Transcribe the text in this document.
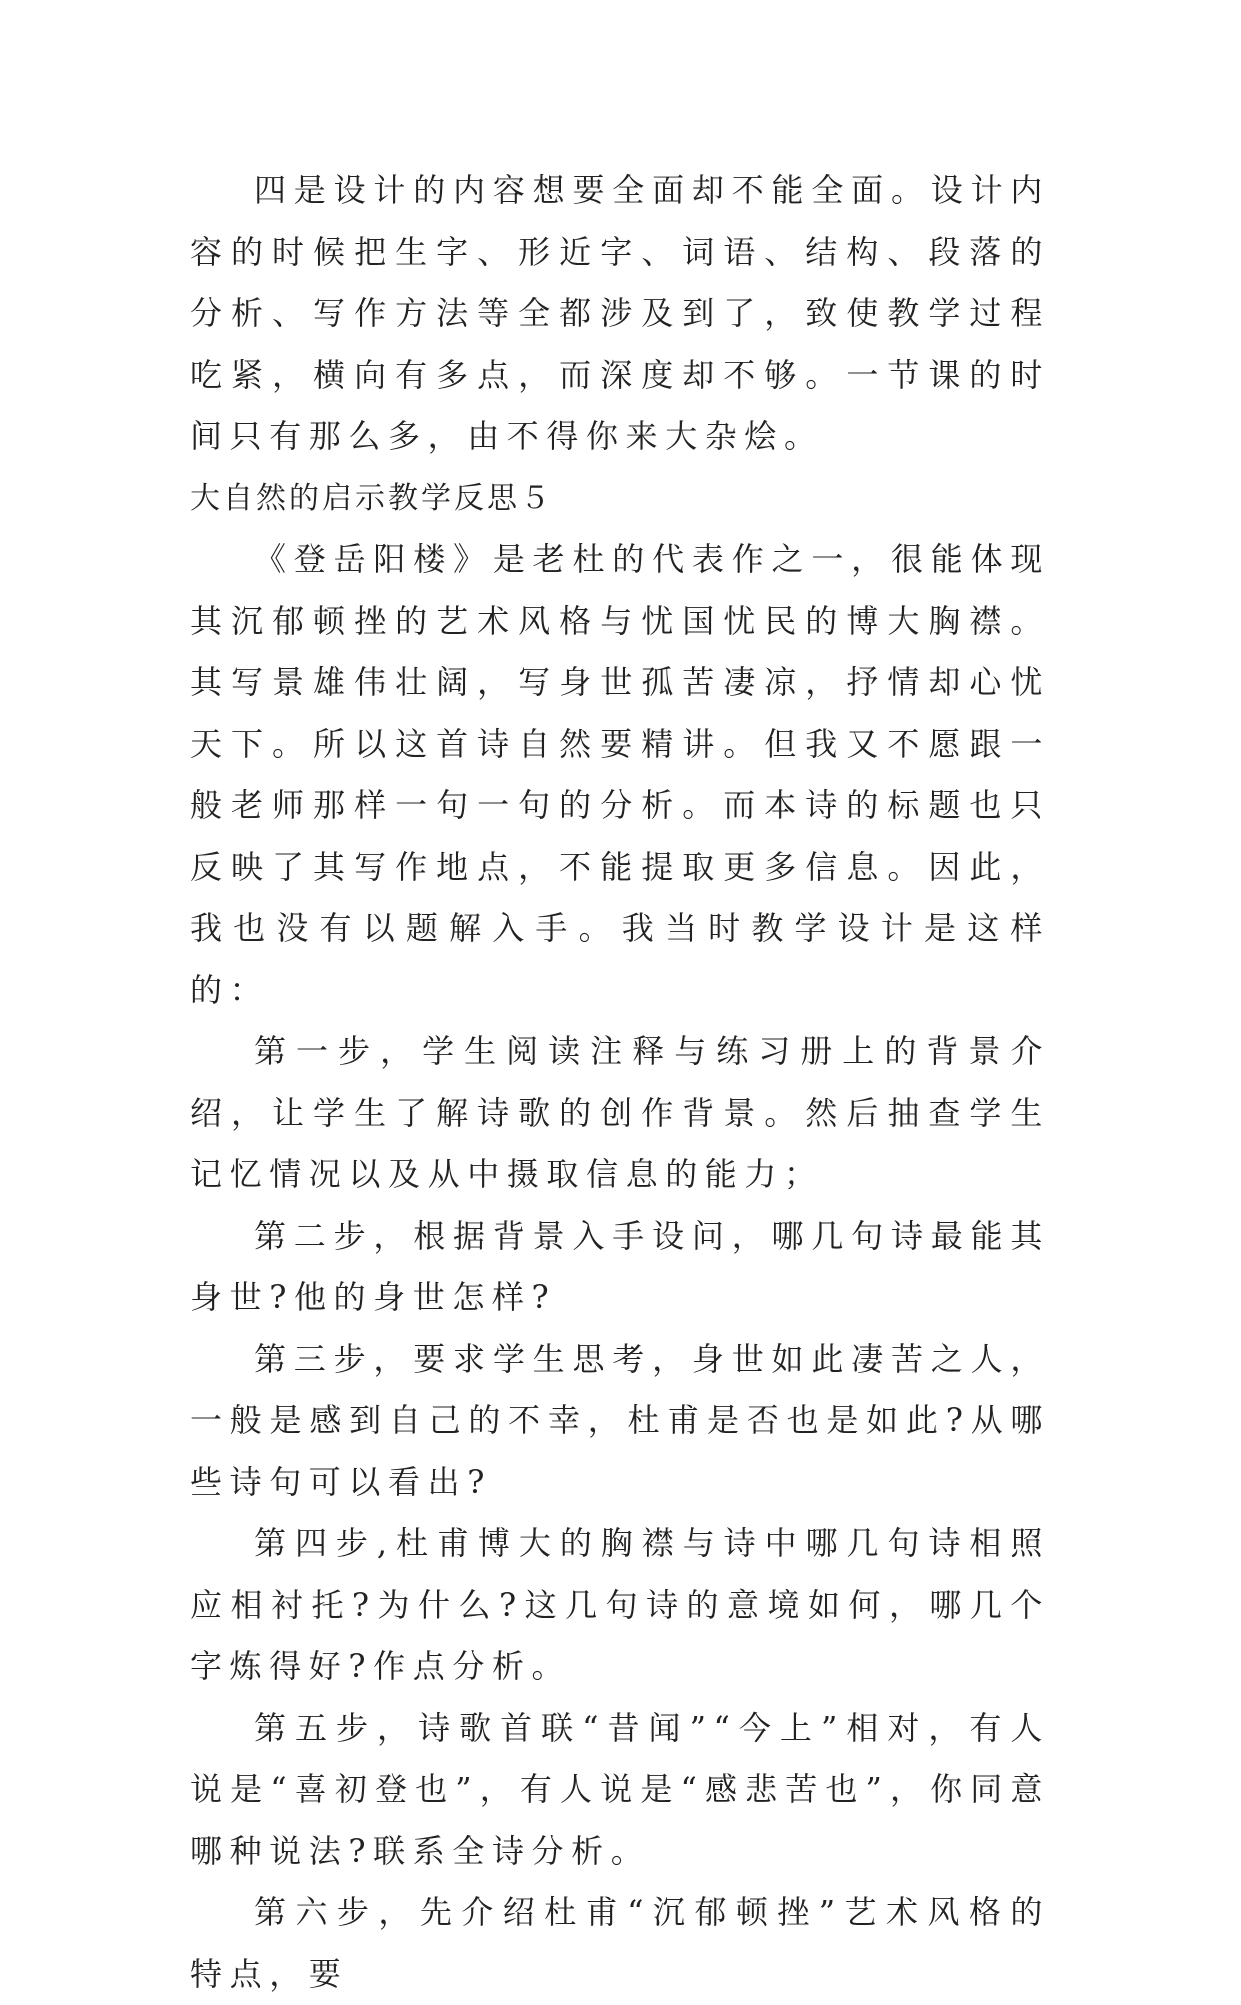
四是设计的内容想要全面却不能全面。设计内容的时候把生字、形近字、词语、结构、段落的分析、写作方法等全都涉及到了，致使教学过程吃紧，横向有多点，而深度却不够。一节课的时间只有那么多，由不得你来大杂烩。

大自然的启示教学反思５

《登岳阳楼》是老杜的代表作之一，很能体现其沉郁顿挫的艺术风格与忧国忧民的博大胸襟。其写景雄伟壮阔，写身世孤苦凄凉，抒情却心忧天下。所以这首诗自然要精讲。但我又不愿跟一般老师那样一句一句的分析。而本诗的标题也只反映了其写作地点，不能提取更多信息。因此，我也没有以题解入手。我当时教学设计是这样的：

第一步，学生阅读注释与练习册上的背景介绍，让学生了解诗歌的创作背景。然后抽查学生记忆情况以及从中摄取信息的能力；

第二步，根据背景入手设问，哪几句诗最能其身世?他的身世怎样?

第三步，要求学生思考，身世如此凄苦之人，一般是感到自己的不幸，杜甫是否也是如此?从哪些诗句可以看出?

第四步,杜甫博大的胸襟与诗中哪几句诗相照应相衬托?为什么?这几句诗的意境如何，哪几个字炼得好?作点分析。

第五步，诗歌首联“昔闻”“今上”相对，有人说是“喜初登也”，有人说是“感悲苦也”，你同意哪种说法?联系全诗分析。

第六步，先介绍杜甫“沉郁顿挫”艺术风格的特点，要
